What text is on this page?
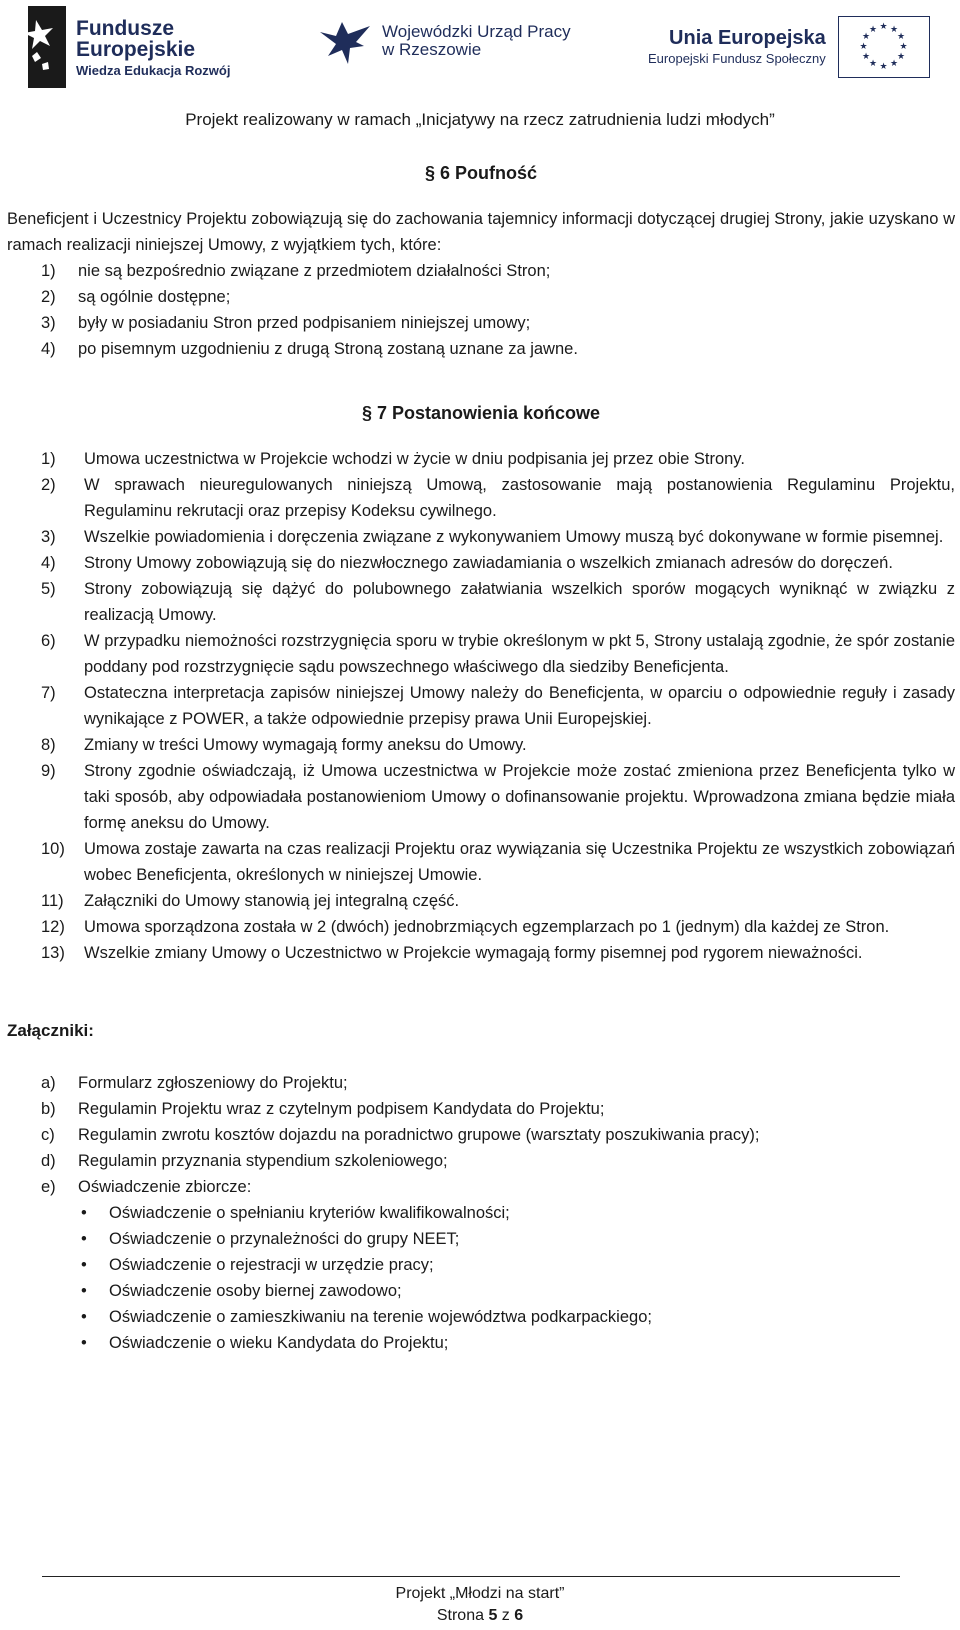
Fundusze
Europejskie
Wiedza Edukacja Rozwój
Wojewódzki Urząd Pracy
w Rzeszowie
Unia Europejska
Europejski Fundusz Społeczny
★ ★
★
★
★
★
★
★
★
★
★
★
Projekt realizowany w ramach „Inicjatywy na rzecz zatrudnienia ludzi młodych”

§ 6 Poufność

Beneficjent i Uczestnicy Projektu zobowiązują się do zachowania tajemnicy informacji dotyczącej drugiej Strony, jakie uzyskano w ramach realizacji niniejszej Umowy, z wyjątkiem tych, które:

1) nie są bezpośrednio związane z przedmiotem działalności Stron;
2) są ogólnie dostępne;
3) były w posiadaniu Stron przed podpisaniem niniejszej umowy;
4) po pisemnym uzgodnieniu z drugą Stroną zostaną uznane za jawne.

§ 7 Postanowienia końcowe

1) Umowa uczestnictwa w Projekcie wchodzi w życie w dniu podpisania jej przez obie Strony.
2) W sprawach nieuregulowanych niniejszą Umową, zastosowanie mają postanowienia Regulaminu Projektu, Regulaminu rekrutacji oraz przepisy Kodeksu cywilnego.
3) Wszelkie powiadomienia i doręczenia związane z wykonywaniem Umowy muszą być dokonywane w formie pisemnej.
4) Strony Umowy zobowiązują się do niezwłocznego zawiadamiania o wszelkich zmianach adresów do doręczeń.
5) Strony zobowiązują się dążyć do polubownego załatwiania wszelkich sporów mogących wyniknąć w związku z realizacją Umowy.
6) W przypadku niemożności rozstrzygnięcia sporu w trybie określonym w pkt 5, Strony ustalają zgodnie, że spór zostanie poddany pod rozstrzygnięcie sądu powszechnego właściwego dla siedziby Beneficjenta.
7) Ostateczna interpretacja zapisów niniejszej Umowy należy do Beneficjenta, w oparciu o odpowiednie reguły i zasady wynikające z POWER, a także odpowiednie przepisy prawa Unii Europejskiej.
8) Zmiany w treści Umowy wymagają formy aneksu do Umowy.
9) Strony zgodnie oświadczają, iż Umowa uczestnictwa w Projekcie może zostać zmieniona przez Beneficjenta tylko w taki sposób, aby odpowiadała postanowieniom Umowy o dofinansowanie projektu. Wprowadzona zmiana będzie miała formę aneksu do Umowy.
10) Umowa zostaje zawarta na czas realizacji Projektu oraz wywiązania się Uczestnika Projektu ze wszystkich zobowiązań wobec Beneficjenta, określonych w niniejszej Umowie.
11) Załączniki do Umowy stanowią jej integralną część.
12) Umowa sporządzona została w 2 (dwóch) jednobrzmiących egzemplarzach po 1 (jednym) dla każdej ze Stron.
13) Wszelkie zmiany Umowy o Uczestnictwo w Projekcie wymagają formy pisemnej pod rygorem nieważności.

Załączniki:

a) Formularz zgłoszeniowy do Projektu;
b) Regulamin Projektu wraz z czytelnym podpisem Kandydata do Projektu;
c) Regulamin zwrotu kosztów dojazdu na poradnictwo grupowe (warsztaty poszukiwania pracy);
d) Regulamin przyznania stypendium szkoleniowego;
e) Oświadczenie zbiorcze:
• Oświadczenie o spełnianiu kryteriów kwalifikowalności;
• Oświadczenie o przynależności do grupy NEET;
• Oświadczenie o rejestracji w urzędzie pracy;
• Oświadczenie osoby biernej zawodowo;
• Oświadczenie o zamieszkiwaniu na terenie województwa podkarpackiego;
• Oświadczenie o wieku Kandydata do Projektu;
Projekt „Młodzi na start”
Strona 5 z 6
